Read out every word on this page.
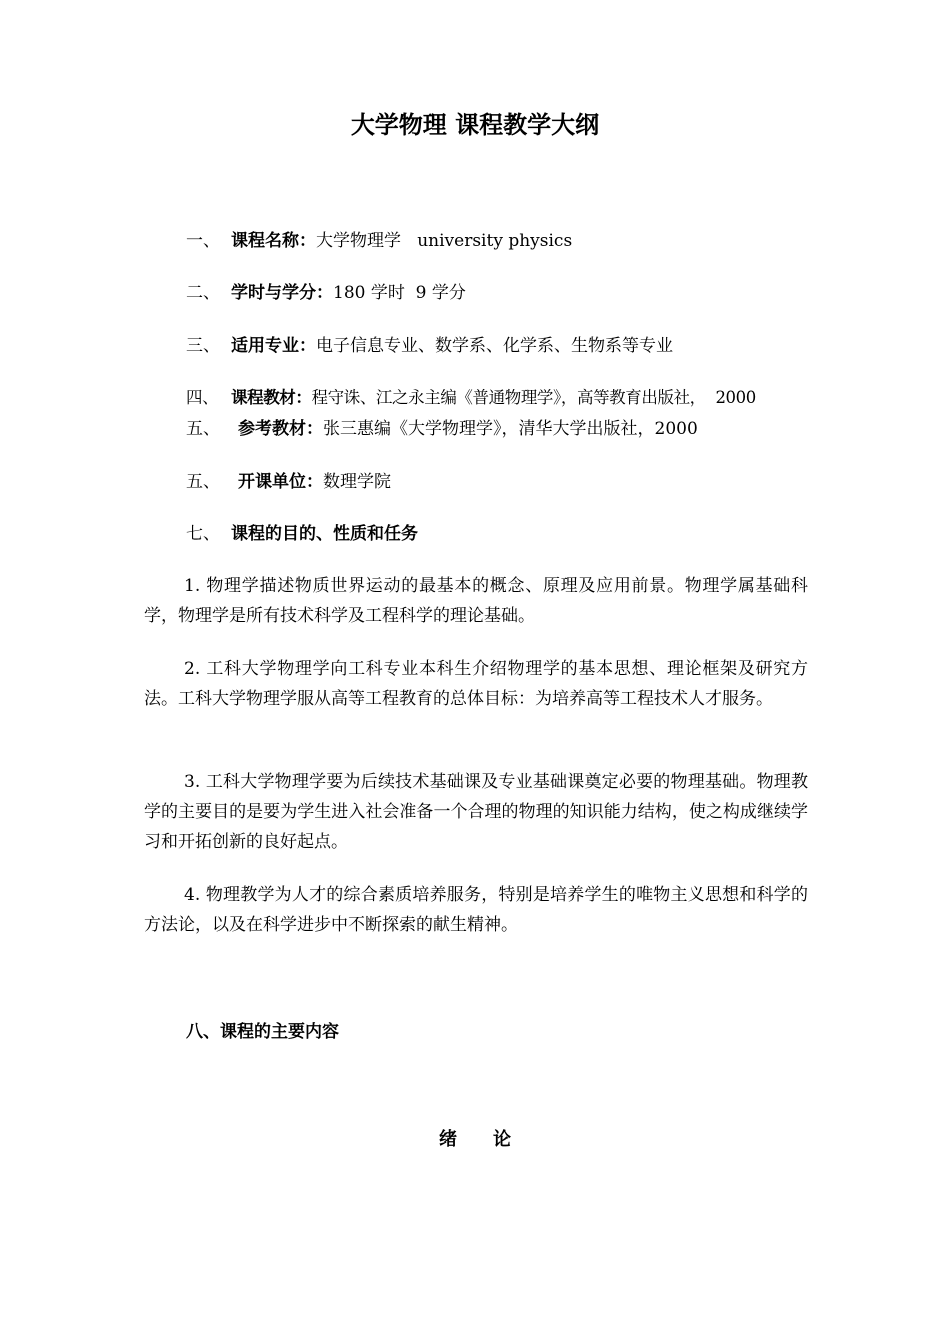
大学物理 课程教学大纲
一、 课程名称：大学物理学   university physics
二、 学时与学分：180 学时  9 学分
三、 适用专业：电子信息专业、数学系、化学系、生物系等专业
四、 课程教材：程守诛、江之永主编《普通物理学》，高等教育出版社，  2000
五、 参考教材：张三惠编《大学物理学》，清华大学出版社，2000
五、 开课单位：数理学院
七、 课程的目的、性质和任务
1. 物理学描述物质世界运动的最基本的概念、原理及应用前景。物理学属基础科学，物理学是所有技术科学及工程科学的理论基础。
2. 工科大学物理学向工科专业本科生介绍物理学的基本思想、理论框架及研究方法。工科大学物理学服从高等工程教育的总体目标：为培养高等工程技术人才服务。
3. 工科大学物理学要为后续技术基础课及专业基础课奠定必要的物理基础。物理教学的主要目的是要为学生进入社会准备一个合理的物理的知识能力结构，使之构成继续学习和开拓创新的良好起点。
4. 物理教学为人才的综合素质培养服务，特别是培养学生的唯物主义思想和科学的方法论，以及在科学进步中不断探索的献生精神。
八、课程的主要内容
绪论
